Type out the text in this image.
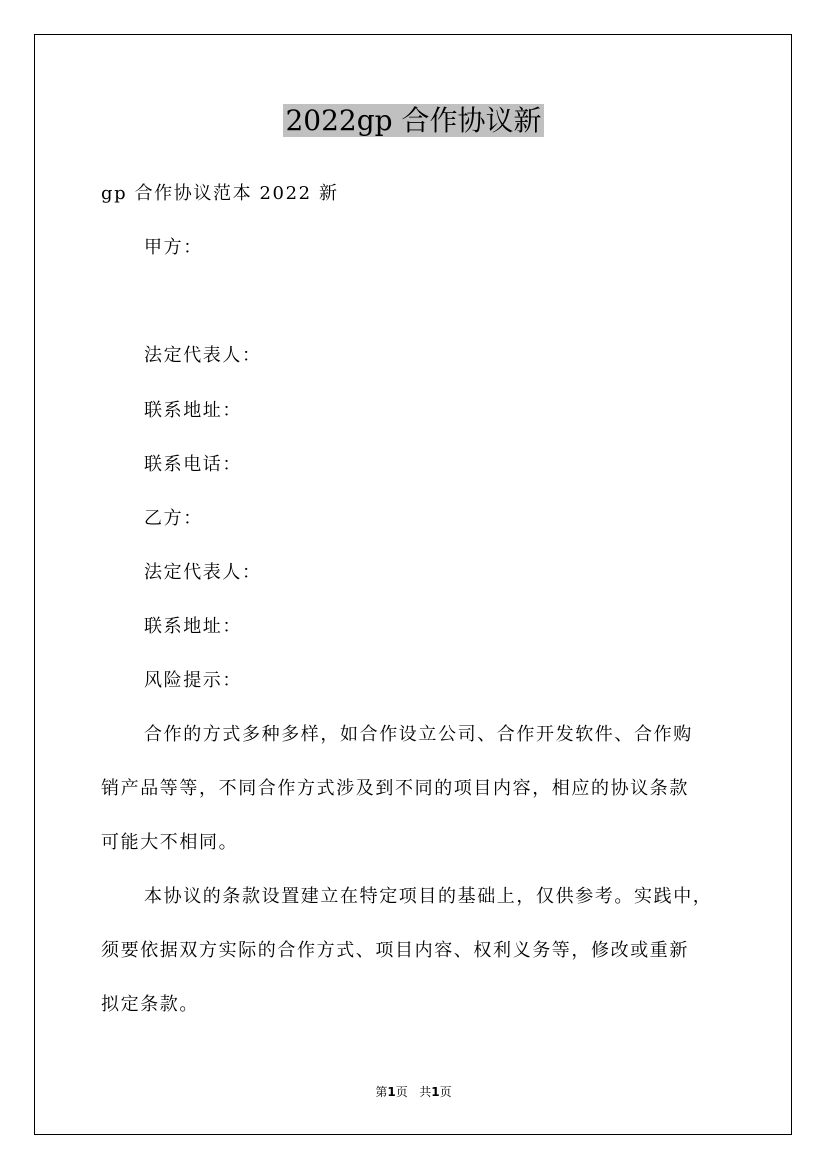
2022gp 合作协议新
gp 合作协议范本 2022 新
甲方：
法定代表人：
联系地址：
联系电话：
乙方：
法定代表人：
联系地址：
风险提示：
合作的方式多种多样，如合作设立公司、合作开发软件、合作购
销产品等等，不同合作方式涉及到不同的项目内容，相应的协议条款
可能大不相同。
本协议的条款设置建立在特定项目的基础上，仅供参考。实践中，
须要依据双方实际的合作方式、项目内容、权利义务等，修改或重新
拟定条款。
第1页 共1页
